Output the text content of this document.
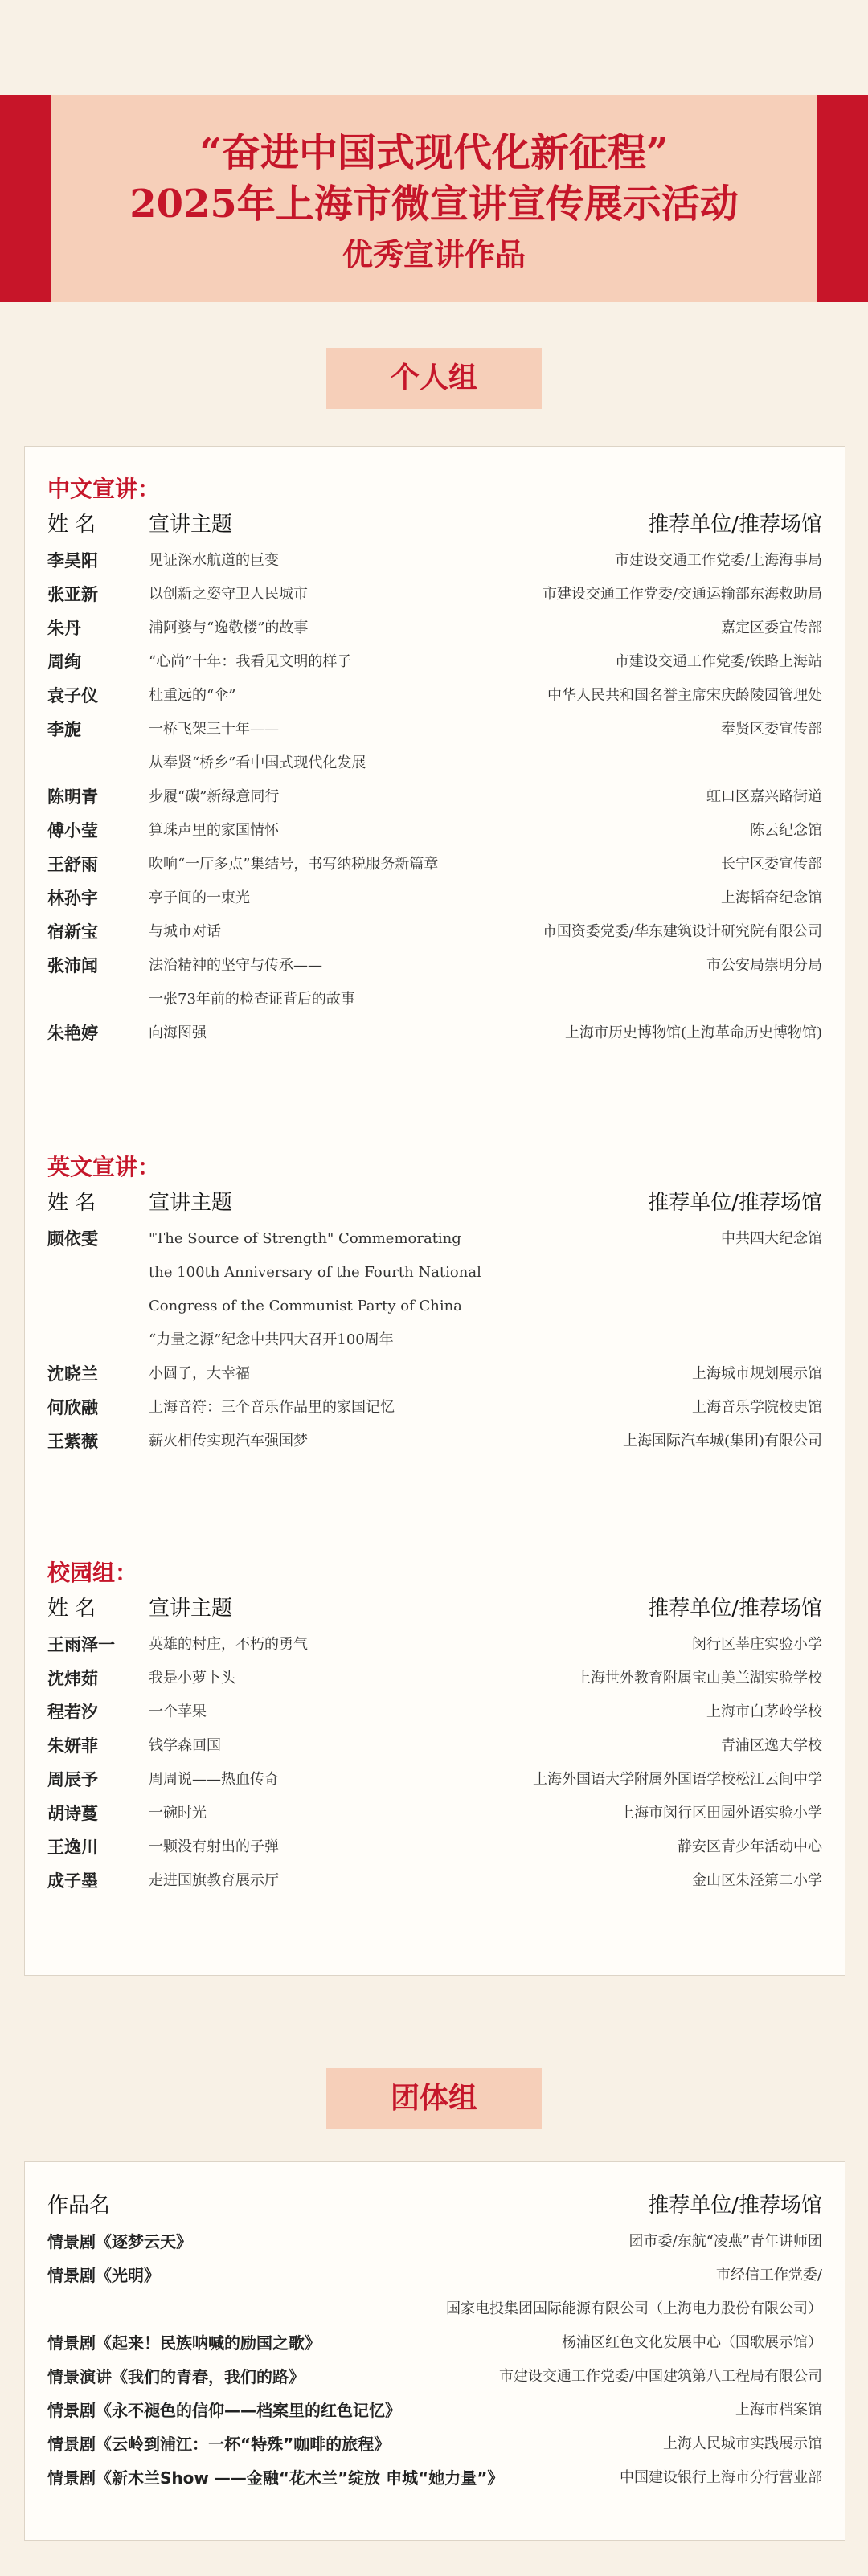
“奋进中国式现代化新征程”
2025年上海市微宣讲宣传展示活动
优秀宣讲作品
个人组
中文宣讲：
姓 名	宣讲主题	推荐单位/推荐场馆
李昊阳	见证深水航道的巨变	市建设交通工作党委/上海海事局
张亚新	以创新之姿守卫人民城市	市建设交通工作党委/交通运输部东海救助局
朱丹	浦阿婆与“逸敬楼”的故事	嘉定区委宣传部
周绚	“心尚”十年：我看见文明的样子	市建设交通工作党委/铁路上海站
袁子仪	杜重远的“伞”	中华人民共和国名誉主席宋庆龄陵园管理处
李旎	一桥飞架三十年——	奉贤区委宣传部
从奉贤“桥乡”看中国式现代化发展
陈明青	步履“碳”新绿意同行	虹口区嘉兴路街道
傅小莹	算珠声里的家国情怀	陈云纪念馆
王舒雨	吹响“一厅多点”集结号，书写纳税服务新篇章	长宁区委宣传部
林孙宇	亭子间的一束光	上海韬奋纪念馆
宿新宝	与城市对话	市国资委党委/华东建筑设计研究院有限公司
张沛闻	法治精神的坚守与传承——	市公安局崇明分局
一张73年前的检查证背后的故事
朱艳婷	向海图强	上海市历史博物馆(上海革命历史博物馆)
英文宣讲：
姓 名	宣讲主题	推荐单位/推荐场馆
顾依雯	"The Source of Strength" Commemorating	中共四大纪念馆
the 100th Anniversary of the Fourth National
Congress of the Communist Party of China
“力量之源”纪念中共四大召开100周年
沈晓兰	小圆子，大幸福	上海城市规划展示馆
何欣融	上海音符：三个音乐作品里的家国记忆	上海音乐学院校史馆
王紫薇	薪火相传实现汽车强国梦	上海国际汽车城(集团)有限公司
校园组：
姓 名	宣讲主题	推荐单位/推荐场馆
王雨泽一 英雄的村庄，不朽的勇气	闵行区莘庄实验小学
沈炜茹	我是小萝卜头	上海世外教育附属宝山美兰湖实验学校
程若汐	一个苹果	上海市白茅岭学校
朱妍菲	钱学森回国	青浦区逸夫学校
周辰予	周周说——热血传奇	上海外国语大学附属外国语学校松江云间中学
胡诗蔓	一碗时光	上海市闵行区田园外语实验小学
王逸川	一颗没有射出的子弹	静安区青少年活动中心
成子墨	走进国旗教育展示厅	金山区朱泾第二小学
团体组
作品名	推荐单位/推荐场馆
情景剧《逐梦云天》	团市委/东航“凌燕”青年讲师团
情景剧《光明》	市经信工作党委/
国家电投集团国际能源有限公司（上海电力股份有限公司）
情景剧《起来！民族呐喊的励国之歌》	杨浦区红色文化发展中心（国歌展示馆）
情景演讲《我们的青春，我们的路》	市建设交通工作党委/中国建筑第八工程局有限公司
情景剧《永不褪色的信仰——档案里的红色记忆》	上海市档案馆
情景剧《云岭到浦江：一杯“特殊”咖啡的旅程》	上海人民城市实践展示馆
情景剧《新木兰Show ——金融“花木兰”绽放 申城“她力量”》	中国建设银行上海市分行营业部
